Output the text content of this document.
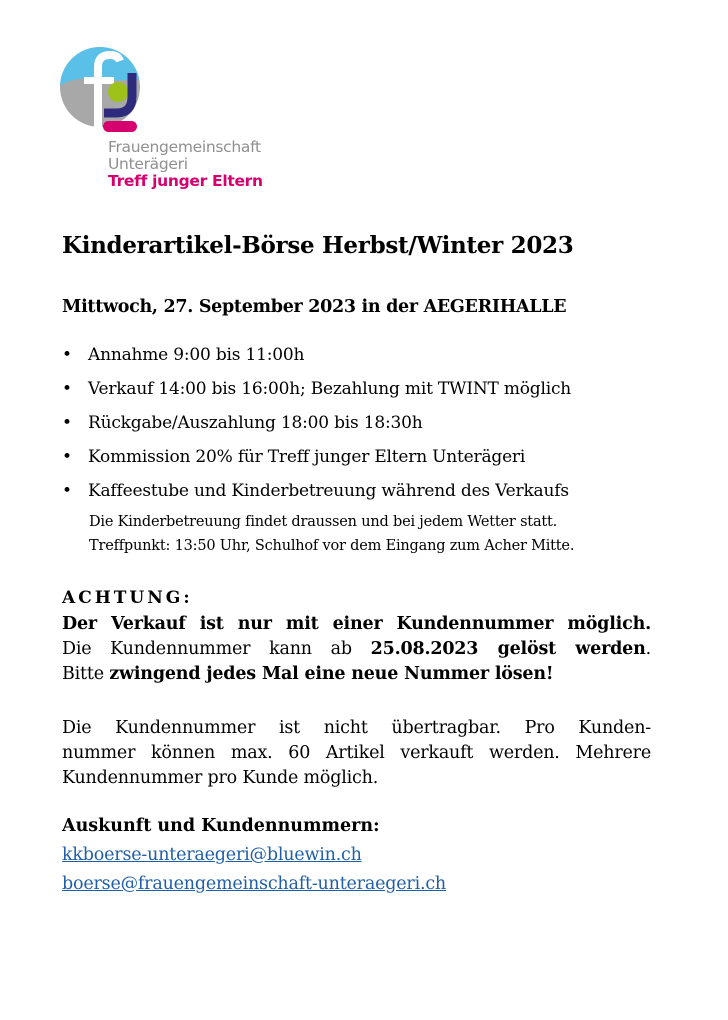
Frauengemeinschaft
Unterägeri
Treff junger Eltern
Kinderartikel-Börse Herbst/Winter 2023
Mittwoch, 27. September 2023 in der AEGERIHALLE
• Annahme 9:00 bis 11:00h
• Verkauf 14:00 bis 16:00h; Bezahlung mit TWINT möglich
• Rückgabe/Auszahlung 18:00 bis 18:30h
• Kommission 20% für Treff junger Eltern Unterägeri
• Kaffeestube und Kinderbetreuung während des Verkaufs
Die Kinderbetreuung findet draussen und bei jedem Wetter statt.
Treffpunkt: 13:50 Uhr, Schulhof vor dem Eingang zum Acher Mitte.
ACHTUNG:
Der Verkauf ist nur mit einer Kundennummer möglich.
Die Kundennummer kann ab 25.08.2023 gelöst werden.
Bitte zwingend jedes Mal eine neue Nummer lösen!
Die Kundennummer ist nicht übertragbar. Pro Kunden-
nummer können max. 60 Artikel verkauft werden. Mehrere
Kundennummer pro Kunde möglich.
Auskunft und Kundennummern:
kkboerse-unteraegeri@bluewin.ch
boerse@frauengemeinschaft-unteraegeri.ch
